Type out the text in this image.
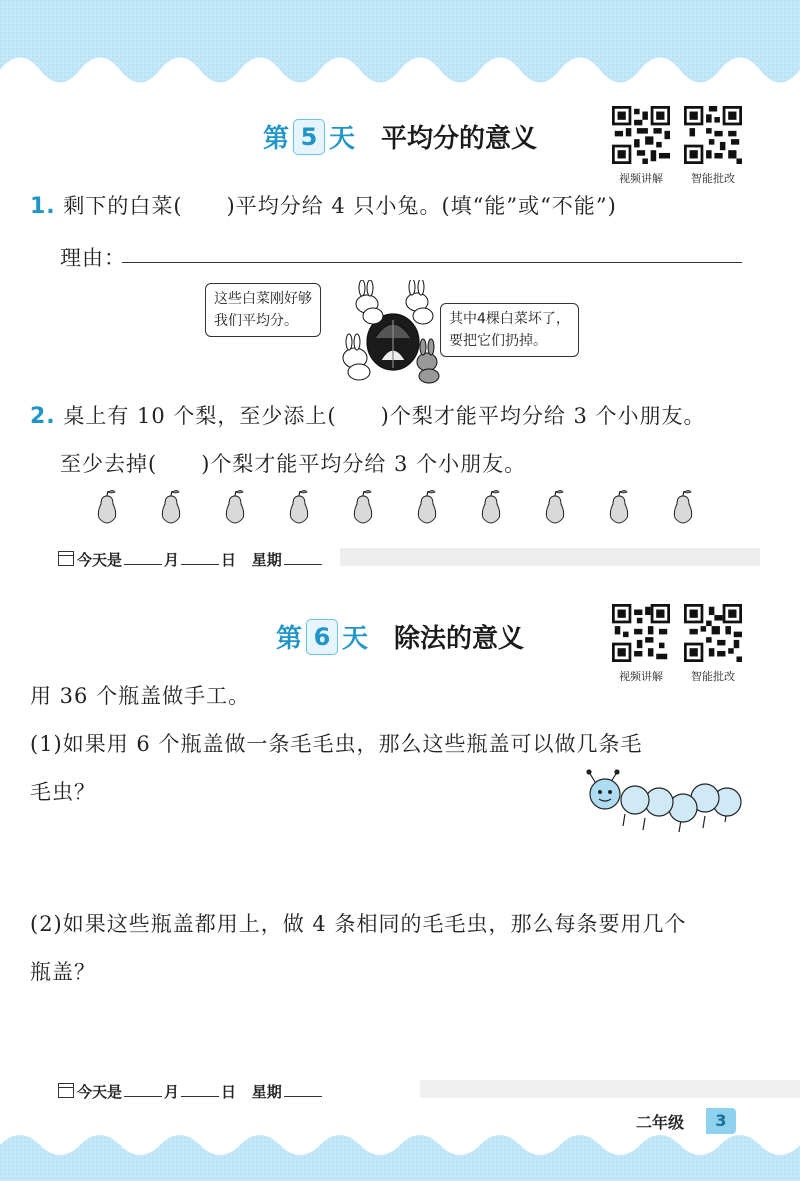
第 5 天 平均分的意义
视频讲解	智能批改
1. 剩下的白菜(　　)平均分给 4 只小兔。(填“能”或“不能”)
理由：
这些白菜刚好够
我们平均分。	其中4棵白菜坏了，
要把它们扔掉。
2. 桌上有 10 个梨，至少添上(　　)个梨才能平均分给 3 个小朋友。
至少去掉(　　)个梨才能平均分给 3 个小朋友。
今天是	月	日 星期
第 6 天 除法的意义
视频讲解	智能批改
用 36 个瓶盖做手工。
(1)如果用 6 个瓶盖做一条毛毛虫，那么这些瓶盖可以做几条毛
毛虫？
(2)如果这些瓶盖都用上，做 4 条相同的毛毛虫，那么每条要用几个
瓶盖？
今天是	月	日 星期
二年级	3
